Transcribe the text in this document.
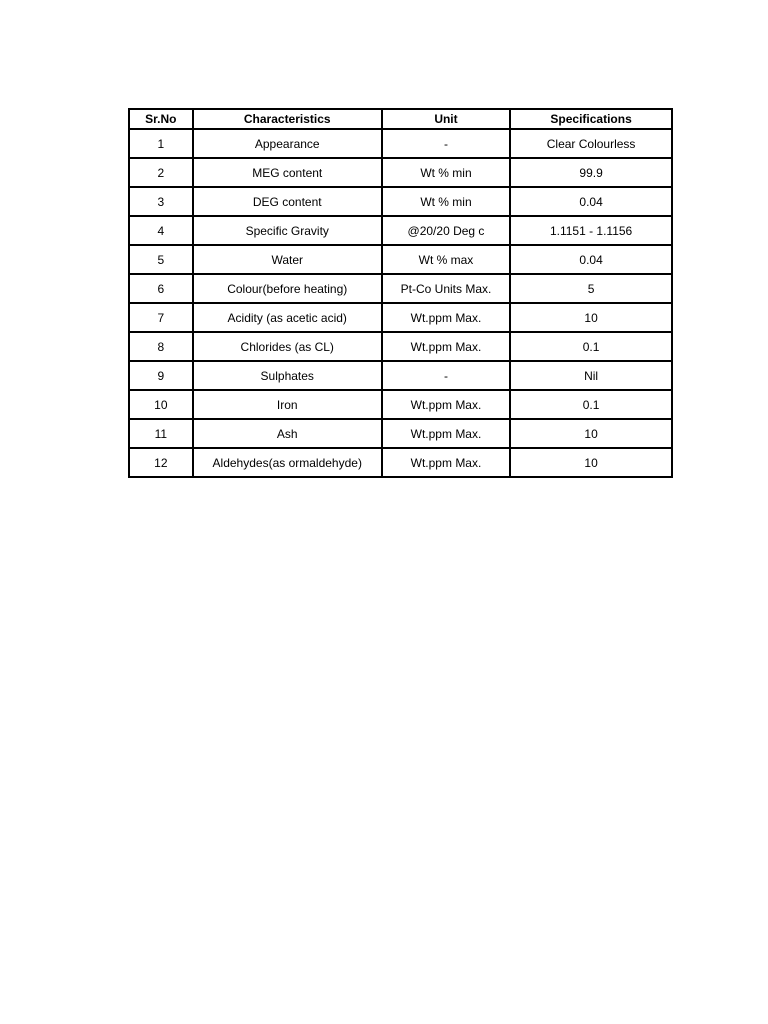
Sr.No	Characteristics	Unit	Specifications
1	Appearance	-	Clear Colourless
2	MEG content	Wt % min	99.9
3	DEG content	Wt % min	0.04
4	Specific Gravity	@20/20 Deg c	1.1151 - 1.1156
5	Water	Wt % max	0.04
6	Colour(before heating)	Pt-Co Units Max.	5
7	Acidity (as acetic acid)	Wt.ppm Max.	10
8	Chlorides (as CL)	Wt.ppm Max.	0.1
9	Sulphates	-	Nil
10	Iron	Wt.ppm Max.	0.1
11	Ash	Wt.ppm Max.	10
12	Aldehydes(as ormaldehyde)	Wt.ppm Max.	10
